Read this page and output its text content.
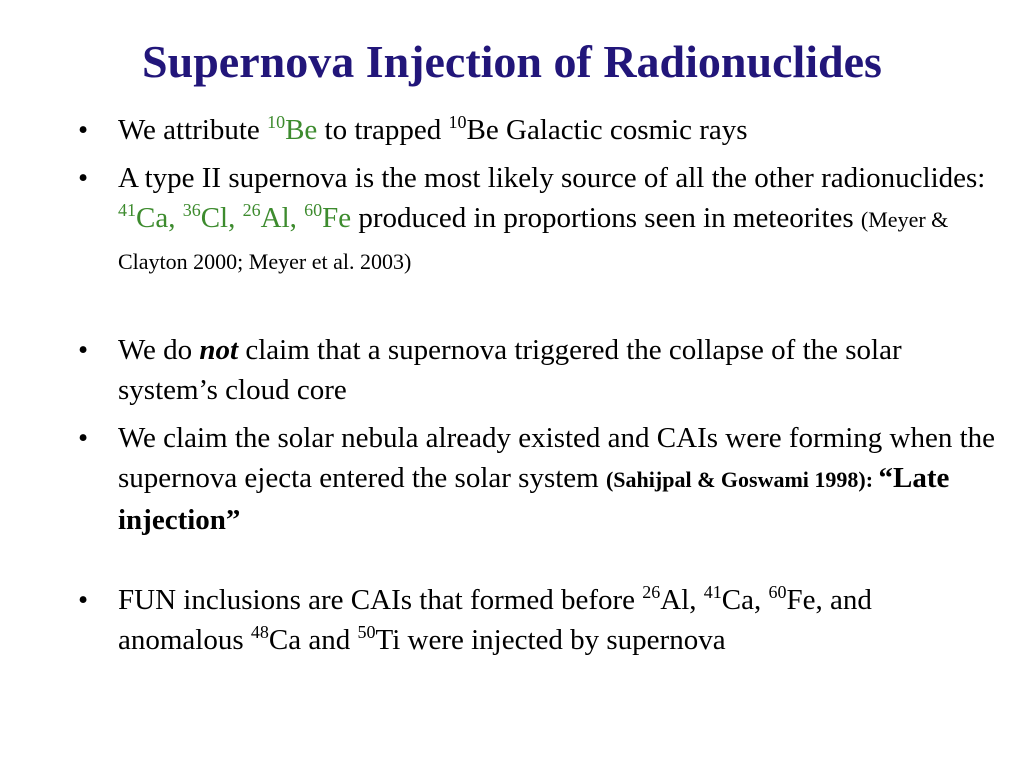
Supernova Injection of Radionuclides
•	We attribute $^{10}$Be to trapped $^{10}$Be Galactic cosmic rays
•	A type II supernova is the most likely source of all the other radionuclides: $^{41}$Ca, $^{36}$Cl, $^{26}$Al, $^{60}$Fe produced in proportions seen in meteorites (Meyer & Clayton 2000; Meyer et al. 2003)
•	We do not claim that a supernova triggered the collapse of the solar system’s cloud core
•	We claim the solar nebula already existed and CAIs were forming when the supernova ejecta entered the solar system (Sahijpal & Goswami 1998): “Late injection”
•	FUN inclusions are CAIs that formed before $^{26}$Al, $^{41}$Ca, $^{60}$Fe, and anomalous $^{48}$Ca and $^{50}$Ti were injected by supernova
